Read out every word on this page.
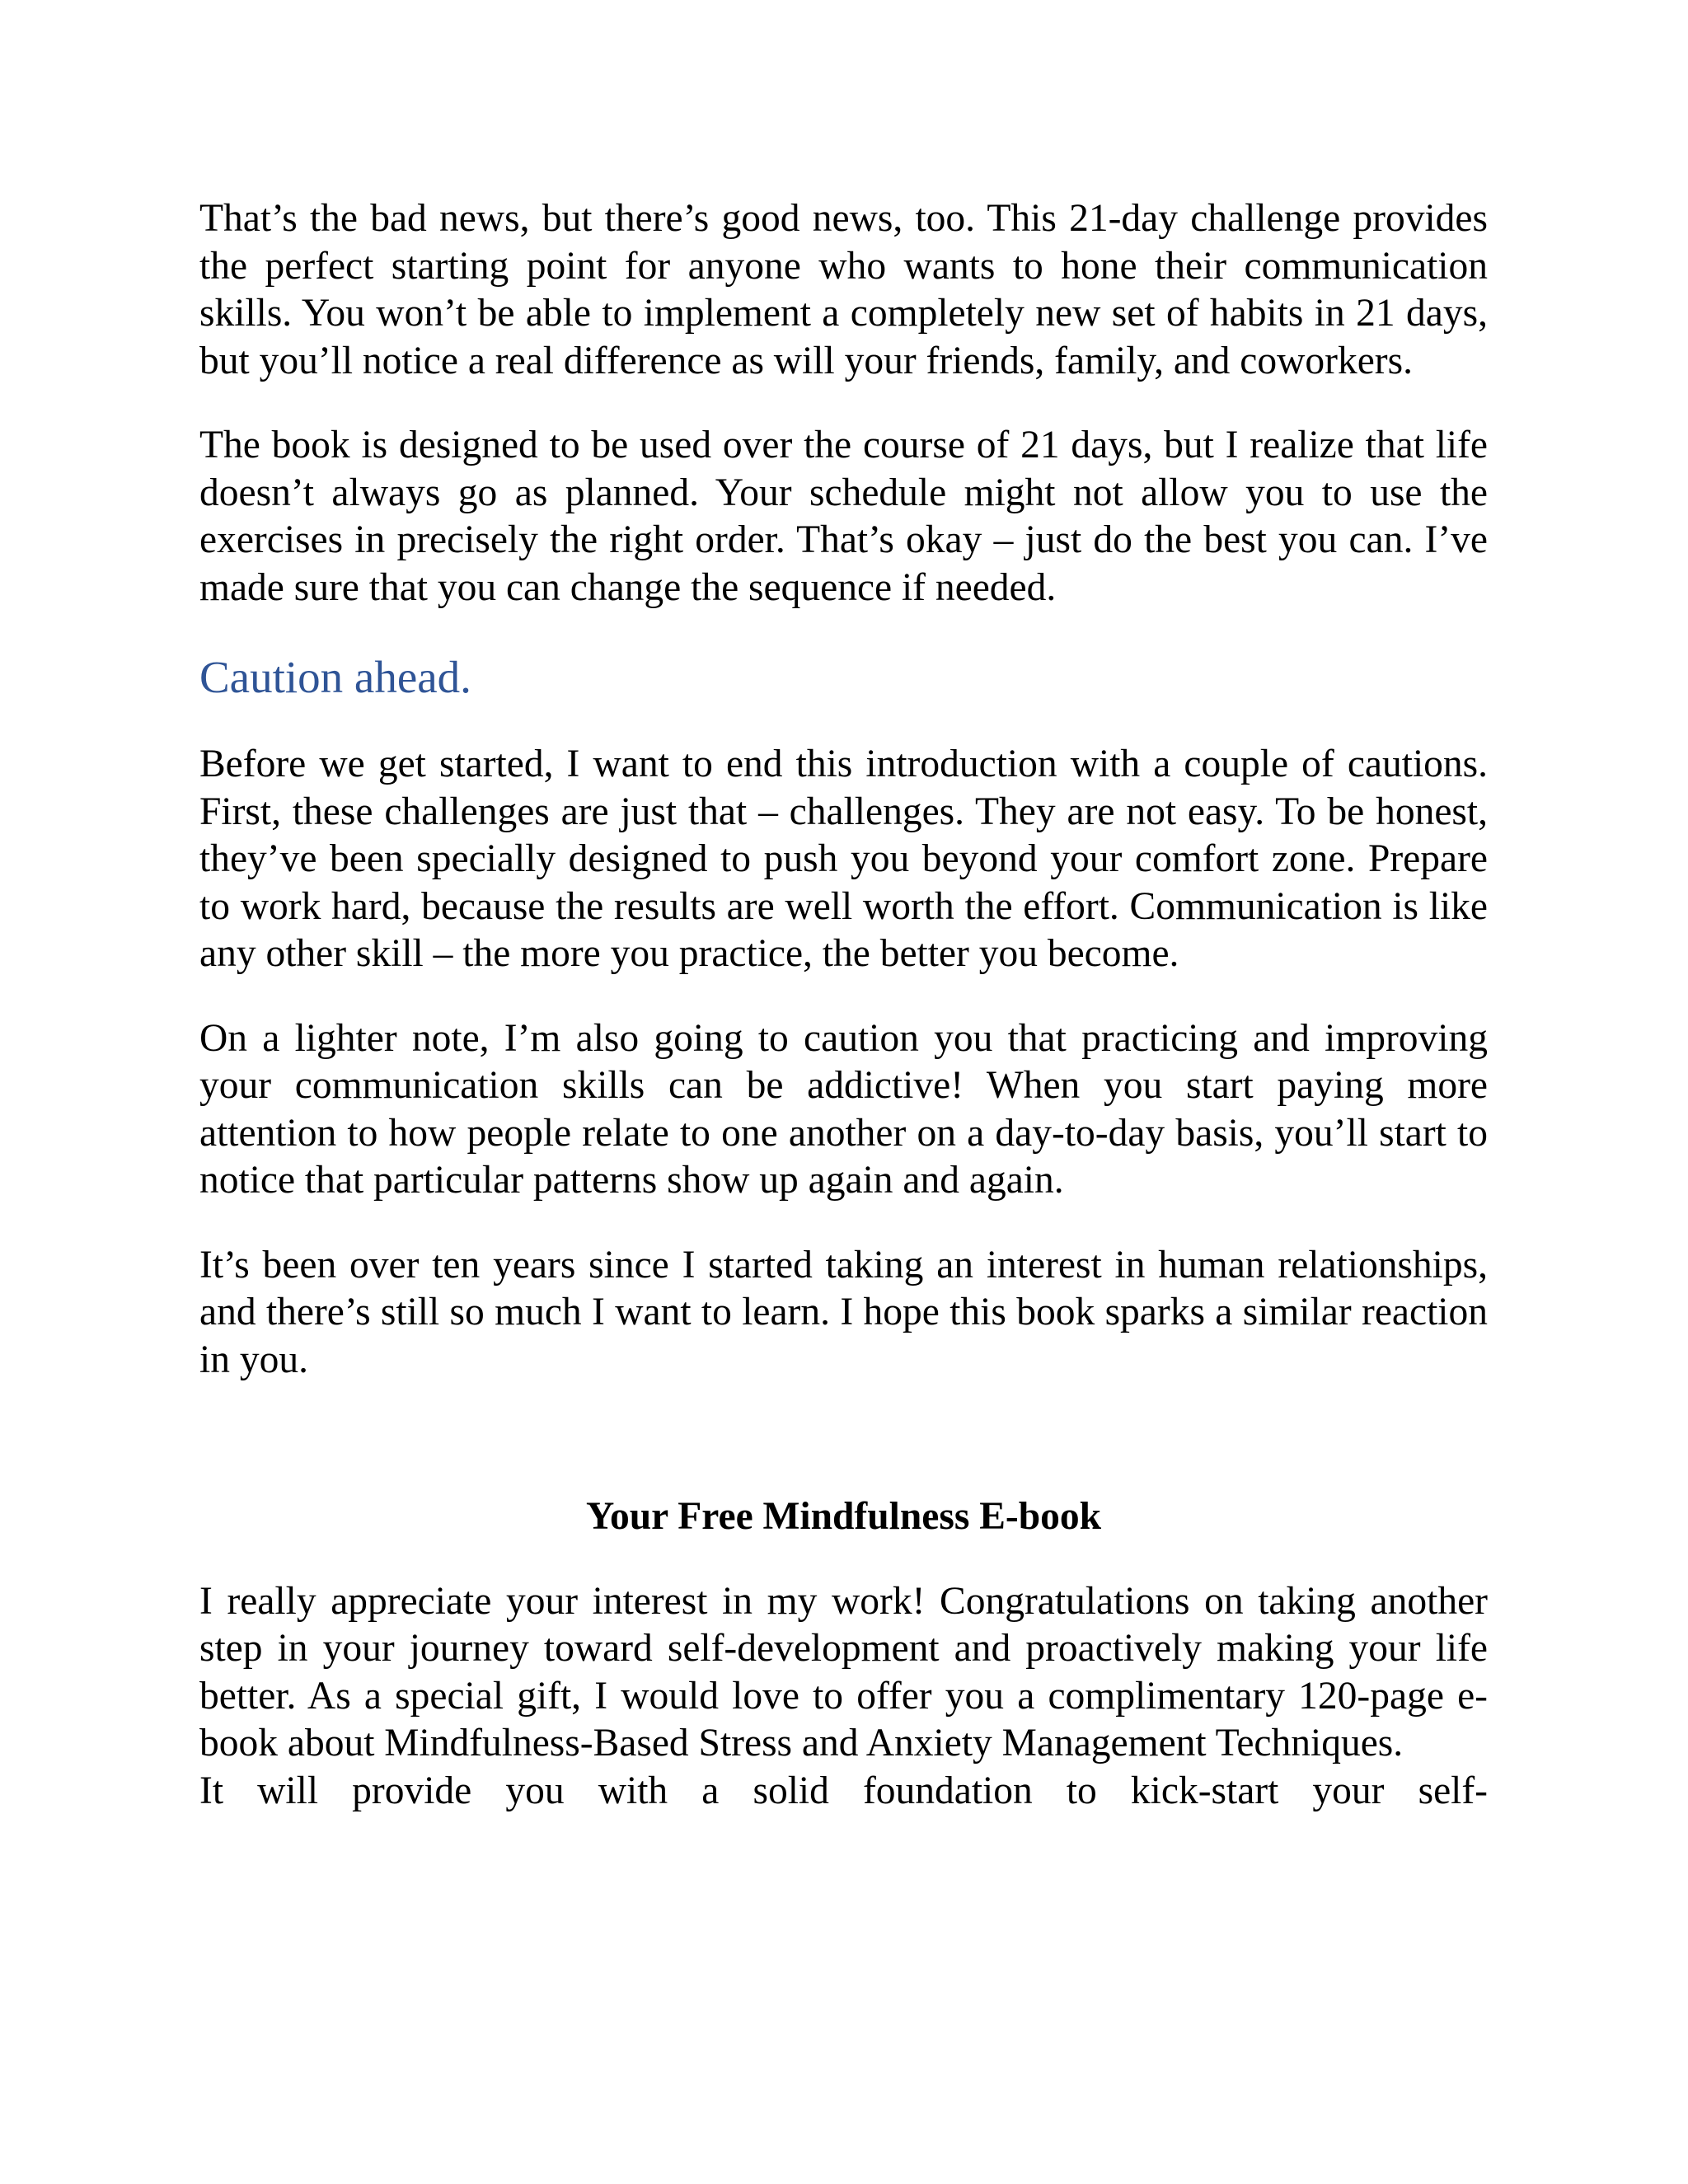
That’s the bad news, but there’s good news, too. This 21-day challenge provides the perfect starting point for anyone who wants to hone their communication skills. You won’t be able to implement a completely new set of habits in 21 days, but you’ll notice a real difference as will your friends, family, and coworkers.

The book is designed to be used over the course of 21 days, but I realize that life doesn’t always go as planned. Your schedule might not allow you to use the exercises in precisely the right order. That’s okay – just do the best you can. I’ve made sure that you can change the sequence if needed.

Caution ahead.

Before we get started, I want to end this introduction with a couple of cautions. First, these challenges are just that – challenges. They are not easy. To be honest, they’ve been specially designed to push you beyond your comfort zone. Prepare to work hard, because the results are well worth the effort. Communication is like any other skill – the more you practice, the better you become.

On a lighter note, I’m also going to caution you that practicing and improving your communication skills can be addictive! When you start paying more attention to how people relate to one another on a day-to-day basis, you’ll start to notice that particular patterns show up again and again.

It’s been over ten years since I started taking an interest in human relationships, and there’s still so much I want to learn. I hope this book sparks a similar reaction in you.

Your Free Mindfulness E-book

I really appreciate your interest in my work! Congratulations on taking another step in your journey toward self-development and proactively making your life better. As a special gift, I would love to offer you a complimentary 120-page e-book about Mindfulness-Based Stress and Anxiety Management Techniques.

It will provide you with a solid foundation to kick-start your self-
